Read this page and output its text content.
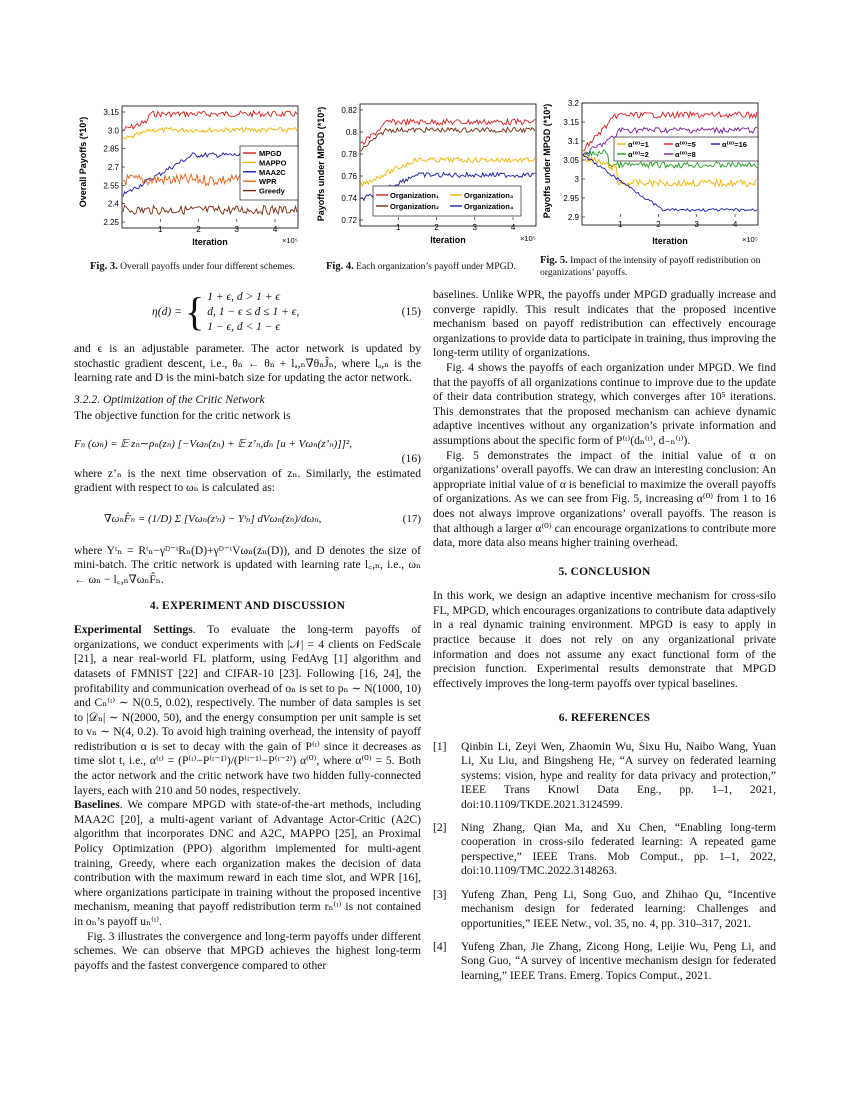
Overall Payoffs (*10³)
3.15
3.0
2.85
2.7
2.55
2.4
2.25
1	2	3	4
MPGD
MAPPO
MAA2C
WPR
Greedy
Iteration	×10⁵
Fig. 3. Overall payoffs under four different schemes.
Payoffs under MPGD (*10³) 0.82
0.8
0.78
0.76
0.74
0.72
1	2	3	4
Organization₁	Organization₃
Organization₂	Organization₄
Iteration	×10⁵
Fig. 4. Each organization’s payoff under MPGD.
Payoffs under MPGD (*10³)
3.2
3.15
3.1
3.05
3
2.95
2.9
1	2	3	4
α⁽⁰⁾=1	α⁽⁰⁾=5	α⁽⁰⁾=16
α⁽⁰⁾=2	α⁽⁰⁾=8
Iteration	×10⁵
Fig. 5. Impact of the intensity of payoff redistribution on organizations’ payoffs.
η(d) = { 1 + ϵ, d > 1 + ϵ
d, 1 − ϵ ≤ d ≤ 1 + ϵ,
1 − ϵ, d < 1 − ϵ
(15)

and ϵ is an adjustable parameter. The actor network is updated by stochastic gradient descent, i.e., θₙ ← θₙ + lₐ,ₙ∇θₙĴₙ, where lₐ,ₙ is the learning rate and D is the mini-batch size for updating the actor network.

3.2.2. Optimization of the Critic Network

The objective function for the critic network is

Fₙ (ωₙ) = 𝔼 zₙ∼ρₙ(zₙ) [−Vωₙ(zₙ) + 𝔼 z’ₙ,dₙ [u + Vωₙ(z’ₙ)]]²,
(16)

where z’ₙ is the next time observation of zₙ. Similarly, the estimated gradient with respect to ωₙ is calculated as:

∇ωₙF̂ₙ = (1/D) Σ [Vωₙ(zᵗₙ) − Yᵗₙ] dVωₙ(zₙ)/dωₙ,	(17)

where Yᵗₙ = Rᵗₙ−γᴰ⁻ᵗRₙ(D)+γᴰ⁻ᵗVωₙ(zₙ(D)), and D denotes the size of mini-batch. The critic network is updated with learning rate l꜀,ₙ, i.e., ωₙ ← ωₙ − l꜀,ₙ∇ωₙF̂ₙ.

4. EXPERIMENT AND DISCUSSION

Experimental Settings. To evaluate the long-term payoffs of organizations, we conduct experiments with |𝒩| = 4 clients on FedScale [21], a near real-world FL platform, using FedAvg [1] algorithm and datasets of FMNIST [22] and CIFAR-10 [23]. Following [16, 24], the profitability and communication overhead of oₙ is set to pₙ ∼ N(1000, 10) and Cₙ⁽ᵗ⁾ ∼ N(0.5, 0.02), respectively. The number of data samples is set to |𝒟ₙ| ∼ N(2000, 50), and the energy consumption per unit sample is set to vₙ ∼ N(4, 0.2). To avoid high training overhead, the intensity of payoff redistribution α is set to decay with the gain of P⁽ᵗ⁾ since it decreases as time slot t, i.e., α⁽ᵗ⁾ = (P⁽ᵗ⁾−P⁽ᵗ⁻¹⁾)/(P⁽ᵗ⁻¹⁾−P⁽ᵗ⁻²⁾) α⁽⁰⁾, where α⁽⁰⁾ = 5. Both the actor network and the critic network have two hidden fully-connected layers, each with 210 and 50 nodes, respectively.

Baselines. We compare MPGD with state-of-the-art methods, including MAA2C [20], a multi-agent variant of Advantage Actor-Critic (A2C) algorithm that incorporates DNC and A2C, MAPPO [25], an Proximal Policy Optimization (PPO) algorithm implemented for multi-agent training, Greedy, where each organization makes the decision of data contribution with the maximum reward in each time slot, and WPR [16], where organizations participate in training without the proposed incentive mechanism, meaning that payoff redistribution term rₙ⁽ᵗ⁾ is not contained in oₙ’s payoff uₙ⁽ᵗ⁾.

Fig. 3 illustrates the convergence and long-term payoffs under different schemes. We can observe that MPGD achieves the highest long-term payoffs and the fastest convergence compared to other

baselines. Unlike WPR, the payoffs under MPGD gradually increase and converge rapidly. This result indicates that the proposed incentive mechanism based on payoff redistribution can effectively encourage organizations to provide data to participate in training, thus improving the long-term utility of organizations.

Fig. 4 shows the payoffs of each organization under MPGD. We find that the payoffs of all organizations continue to improve due to the update of their data contribution strategy, which converges after 10⁵ iterations. This demonstrates that the proposed mechanism can achieve dynamic adaptive incentives without any organization’s private information and assumptions about the specific form of P⁽ᵗ⁾(dₙ⁽ᵗ⁾, d₋ₙ⁽ᵗ⁾).

Fig. 5 demonstrates the impact of the initial value of α on organizations’ overall payoffs. We can draw an interesting conclusion: An appropriate initial value of α is beneficial to maximize the overall payoffs of organizations. As we can see from Fig. 5, increasing α⁽⁰⁾ from 1 to 16 does not always improve organizations’ overall payoffs. The reason is that although a larger α⁽⁰⁾ can encourage organizations to contribute more data, more data also means higher training overhead.

5. CONCLUSION

In this work, we design an adaptive incentive mechanism for cross-silo FL, MPGD, which encourages organizations to contribute data adaptively in a real dynamic training environment. MPGD is easy to apply in practice because it does not rely on any organizational private information and does not assume any exact functional form of the precision function. Experimental results demonstrate that MPGD effectively improves the long-term payoffs over typical baselines.

6. REFERENCES
[1]	Qinbin Li, Zeyi Wen, Zhaomin Wu, Sixu Hu, Naibo Wang, Yuan Li, Xu Liu, and Bingsheng He, “A survey on federated learning systems: vision, hype and reality for data privacy and protection,” IEEE Trans Knowl Data Eng., pp. 1–1, 2021, doi:10.1109/TKDE.2021.3124599.
[2]	Ning Zhang, Qian Ma, and Xu Chen, “Enabling long-term cooperation in cross-silo federated learning: A repeated game perspective,” IEEE Trans. Mob Comput., pp. 1–1, 2022, doi:10.1109/TMC.2022.3148263.
[3]	Yufeng Zhan, Peng Li, Song Guo, and Zhihao Qu, “Incentive mechanism design for federated learning: Challenges and opportunities,” IEEE Netw., vol. 35, no. 4, pp. 310–317, 2021.
[4]	Yufeng Zhan, Jie Zhang, Zicong Hong, Leijie Wu, Peng Li, and Song Guo, “A survey of incentive mechanism design for federated learning,” IEEE Trans. Emerg. Topics Comput., 2021.
